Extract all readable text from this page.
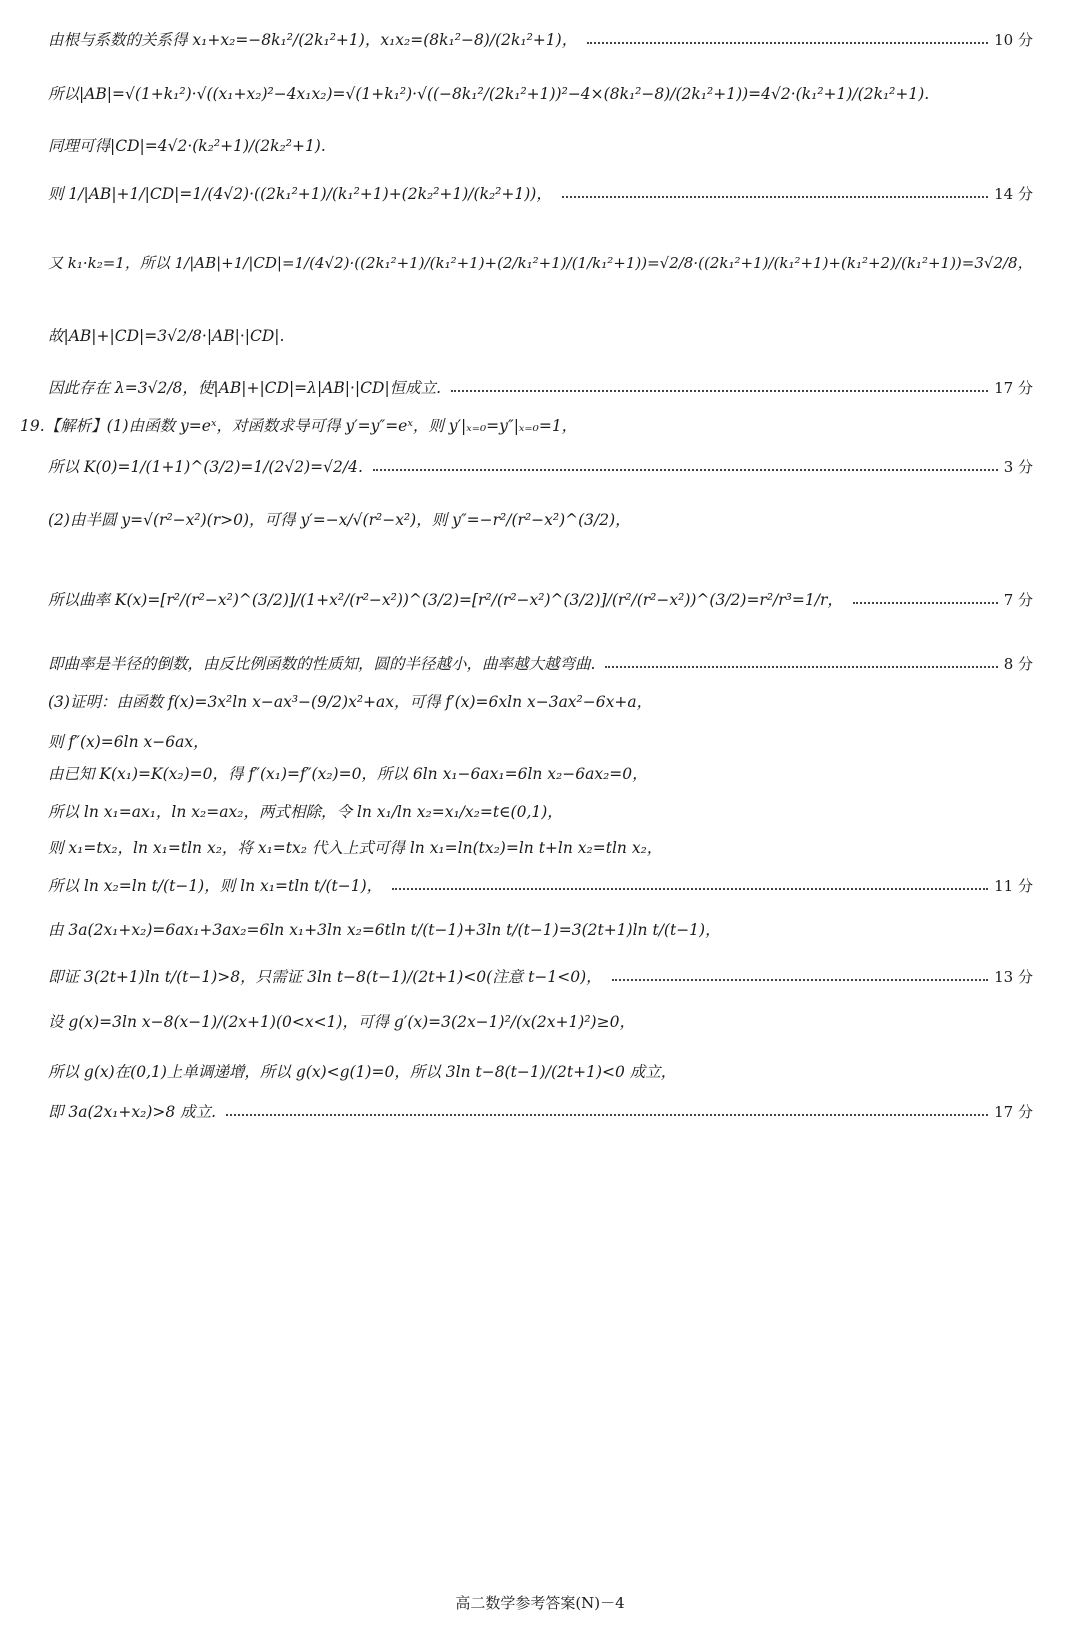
由根与系数的关系得 x₁+x₂=−8k₁²/(2k₁²+1)，x₁x₂=(8k₁²−8)/(2k₁²+1)，	10 分
所以|AB|=√(1+k₁²)·√((x₁+x₂)²−4x₁x₂)=√(1+k₁²)·√((−8k₁²/(2k₁²+1))²−4×(8k₁²−8)/(2k₁²+1))=4√2·(k₁²+1)/(2k₁²+1).
同理可得|CD|=4√2·(k₂²+1)/(2k₂²+1).
则 1/|AB|+1/|CD|=1/(4√2)·((2k₁²+1)/(k₁²+1)+(2k₂²+1)/(k₂²+1))，	14 分
又 k₁·k₂=1，所以 1/|AB|+1/|CD|=1/(4√2)·((2k₁²+1)/(k₁²+1)+(2/k₁²+1)/(1/k₁²+1))=√2/8·((2k₁²+1)/(k₁²+1)+(k₁²+2)/(k₁²+1))=3√2/8，
故|AB|+|CD|=3√2/8·|AB|·|CD|.
因此存在 λ=3√2/8，使|AB|+|CD|=λ|AB|·|CD|恒成立.	17 分
19.【解析】(1)由函数 y=eˣ，对函数求导可得 y′=y″=eˣ，则 y′|ₓ₌₀=y″|ₓ₌₀=1，
所以 K(0)=1/(1+1)^(3/2)=1/(2√2)=√2/4.	3 分
(2)由半圆 y=√(r²−x²)(r>0)，可得 y′=−x/√(r²−x²)，则 y″=−r²/(r²−x²)^(3/2)，
所以曲率 K(x)=[r²/(r²−x²)^(3/2)]/(1+x²/(r²−x²))^(3/2)=[r²/(r²−x²)^(3/2)]/(r²/(r²−x²))^(3/2)=r²/r³=1/r，	7 分
即曲率是半径的倒数，由反比例函数的性质知，圆的半径越小，曲率越大越弯曲.	8 分
(3)证明：由函数 f(x)=3x²ln x−ax³−(9/2)x²+ax，可得 f′(x)=6xln x−3ax²−6x+a，
则 f″(x)=6ln x−6ax，
由已知 K(x₁)=K(x₂)=0，得 f″(x₁)=f″(x₂)=0，所以 6ln x₁−6ax₁=6ln x₂−6ax₂=0，
所以 ln x₁=ax₁，ln x₂=ax₂，两式相除，令 ln x₁/ln x₂=x₁/x₂=t∈(0,1)，
则 x₁=tx₂，ln x₁=tln x₂，将 x₁=tx₂ 代入上式可得 ln x₁=ln(tx₂)=ln t+ln x₂=tln x₂，
所以 ln x₂=ln t/(t−1)，则 ln x₁=tln t/(t−1)，	11 分
由 3a(2x₁+x₂)=6ax₁+3ax₂=6ln x₁+3ln x₂=6tln t/(t−1)+3ln t/(t−1)=3(2t+1)ln t/(t−1)，
即证 3(2t+1)ln t/(t−1)>8，只需证 3ln t−8(t−1)/(2t+1)<0(注意 t−1<0)，	13 分
设 g(x)=3ln x−8(x−1)/(2x+1)(0<x<1)，可得 g′(x)=3(2x−1)²/(x(2x+1)²)≥0，
所以 g(x)在(0,1)上单调递增，所以 g(x)<g(1)=0，所以 3ln t−8(t−1)/(2t+1)<0 成立，
即 3a(2x₁+x₂)>8 成立.	17 分
高二数学参考答案(N)－4
